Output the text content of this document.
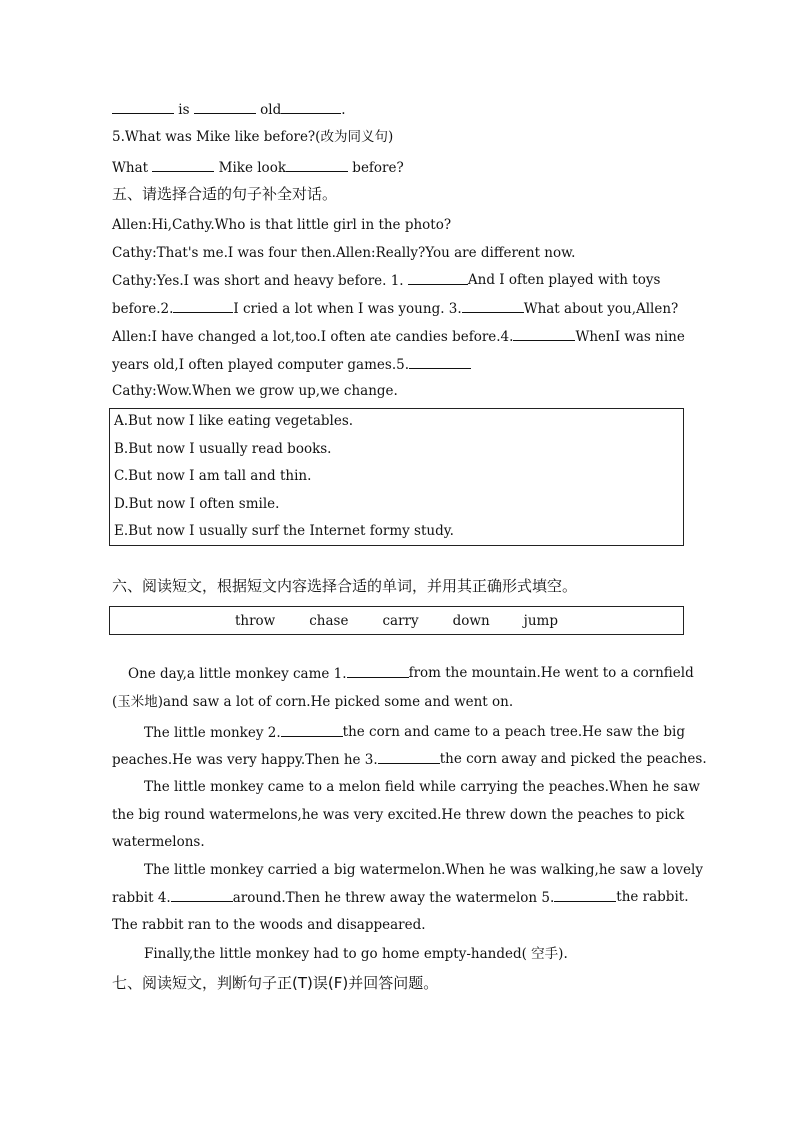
is	old	.
5.What was Mike like before?(改为同义句)
What	Mike look	before?
五、请选择合适的句子补全对话。
Allen:Hi,Cathy.Who is that little girl in the photo?
Cathy:That's me.I was four then.Allen:Really?You are different now.
Cathy:Yes.I was short and heavy before. 1.	And I often played with toys
before.2.	I cried a lot when I was young. 3.	What about you,Allen?
Allen:I have changed a lot,too.I often ate candies before.4.	WhenI was nine
years old,I often played computer games.5.
Cathy:Wow.When we grow up,we change.
A.But now I like eating vegetables.
B.But now I usually read books.
C.But now I am tall and thin.
D.But now I often smile.
E.But now I usually surf the Internet formy study.
六、阅读短文，根据短文内容选择合适的单词，并用其正确形式填空。
throw	chase	carry	down	jump
One day,a little monkey came 1.	from the mountain.He went to a cornfield
(玉米地)and saw a lot of corn.He picked some and went on.
The little monkey 2.	the corn and came to a peach tree.He saw the big
peaches.He was very happy.Then he 3.	the corn away and picked the peaches.
The little monkey came to a melon field while carrying the peaches.When he saw
the big round watermelons,he was very excited.He threw down the peaches to pick
watermelons.
The little monkey carried a big watermelon.When he was walking,he saw a lovely
rabbit 4.	around.Then he threw away the watermelon 5.	the rabbit.
The rabbit ran to the woods and disappeared.
Finally,the little monkey had to go home empty-handed( 空手).
七、阅读短文，判断句子正(T)误(F)并回答问题。
